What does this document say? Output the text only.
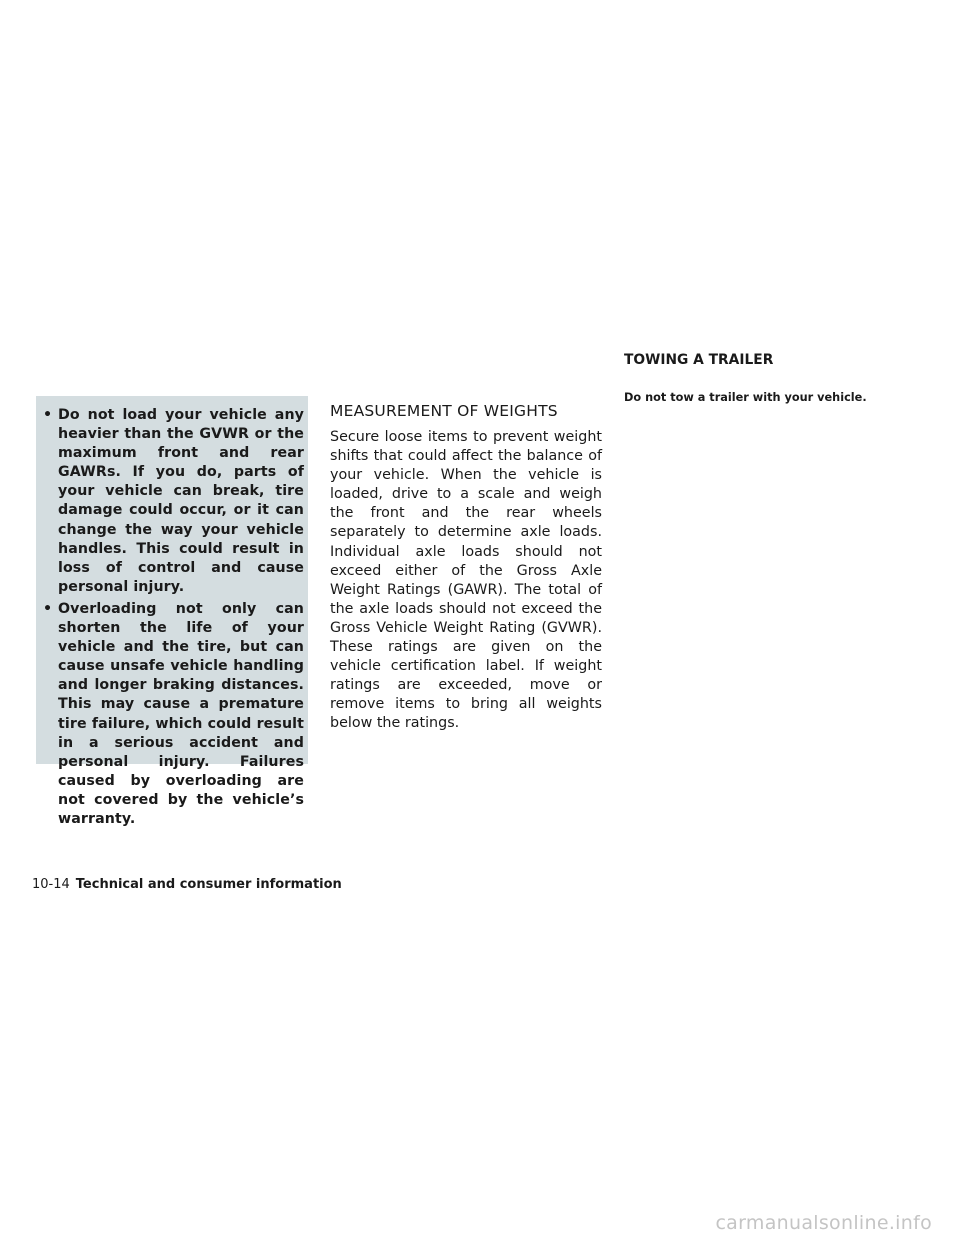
• Do not load your vehicle any heavier than the GVWR or the maximum front and rear GAWRs. If you do, parts of your vehicle can break, tire damage could occur, or it can change the way your vehicle handles. This could result in loss of control and cause personal injury.
• Overloading not only can shorten the life of your vehicle and the tire, but can cause unsafe vehicle handling and longer braking distances. This may cause a premature tire failure, which could result in a serious accident and personal injury. Failures caused by overloading are not covered by the vehicle’s warranty.
MEASUREMENT OF WEIGHTS

Secure loose items to prevent weight shifts that could affect the balance of your vehicle. When the vehicle is loaded, drive to a scale and weigh the front and the rear wheels separately to determine axle loads. Individual axle loads should not exceed either of the Gross Axle Weight Ratings (GAWR). The total of the axle loads should not exceed the Gross Vehicle Weight Rating (GVWR). These ratings are given on the vehicle certification label. If weight ratings are exceeded, move or remove items to bring all weights below the ratings.

TOWING A TRAILER

Do not tow a trailer with your vehicle.

10-14 Technical and consumer information
carmanualsonline.info
